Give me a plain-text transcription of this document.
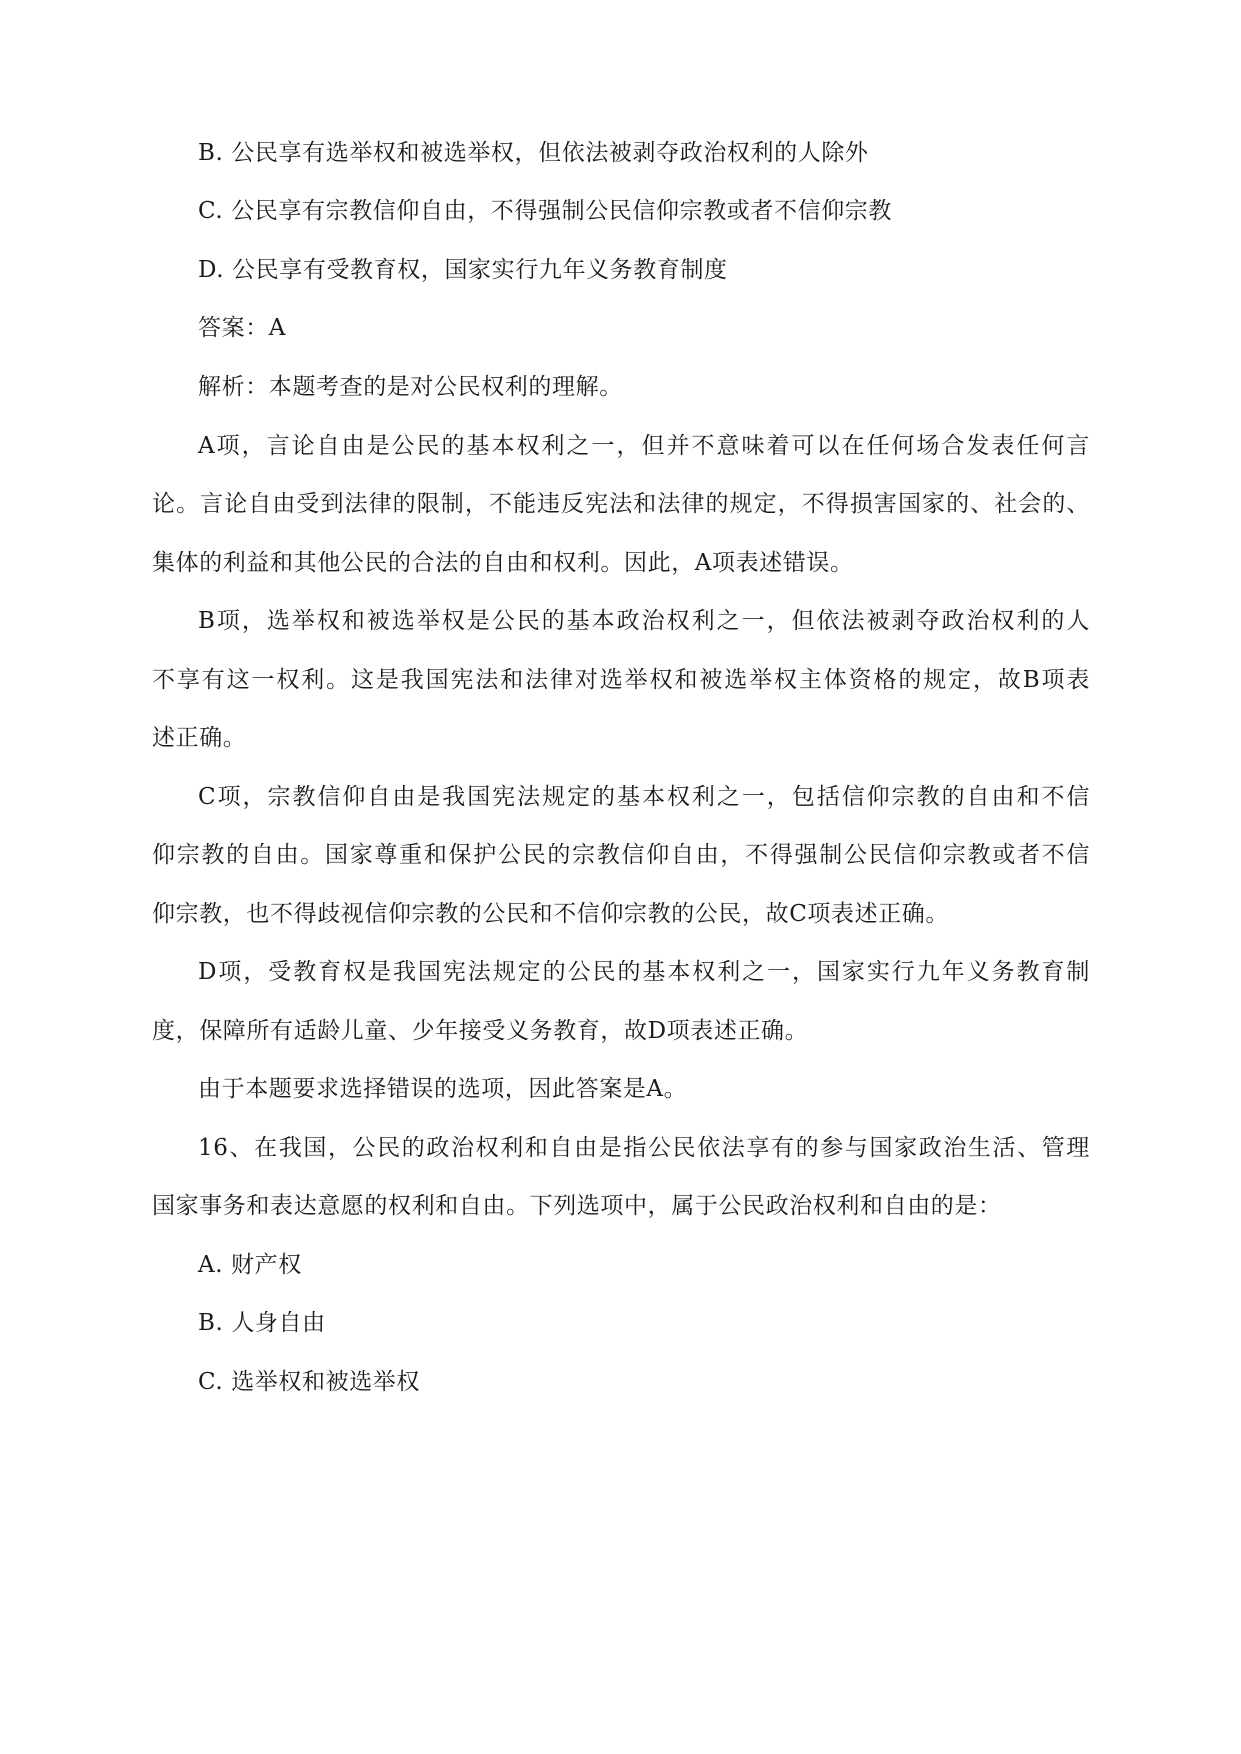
B. 公民享有选举权和被选举权，但依法被剥夺政治权利的人除外
C. 公民享有宗教信仰自由，不得强制公民信仰宗教或者不信仰宗教
D. 公民享有受教育权，国家实行九年义务教育制度
答案：A
解析：本题考查的是对公民权利的理解。
A项，言论自由是公民的基本权利之一，但并不意味着可以在任何场合发表任何言
论。言论自由受到法律的限制，不能违反宪法和法律的规定，不得损害国家的、社会的、
集体的利益和其他公民的合法的自由和权利。因此，A项表述错误。
B项，选举权和被选举权是公民的基本政治权利之一，但依法被剥夺政治权利的人
不享有这一权利。这是我国宪法和法律对选举权和被选举权主体资格的规定，故B项表
述正确。
C项，宗教信仰自由是我国宪法规定的基本权利之一，包括信仰宗教的自由和不信
仰宗教的自由。国家尊重和保护公民的宗教信仰自由，不得强制公民信仰宗教或者不信
仰宗教，也不得歧视信仰宗教的公民和不信仰宗教的公民，故C项表述正确。
D项，受教育权是我国宪法规定的公民的基本权利之一，国家实行九年义务教育制
度，保障所有适龄儿童、少年接受义务教育，故D项表述正确。
由于本题要求选择错误的选项，因此答案是A。
16、在我国，公民的政治权利和自由是指公民依法享有的参与国家政治生活、管理
国家事务和表达意愿的权利和自由。下列选项中，属于公民政治权利和自由的是：
A. 财产权
B. 人身自由
C. 选举权和被选举权
